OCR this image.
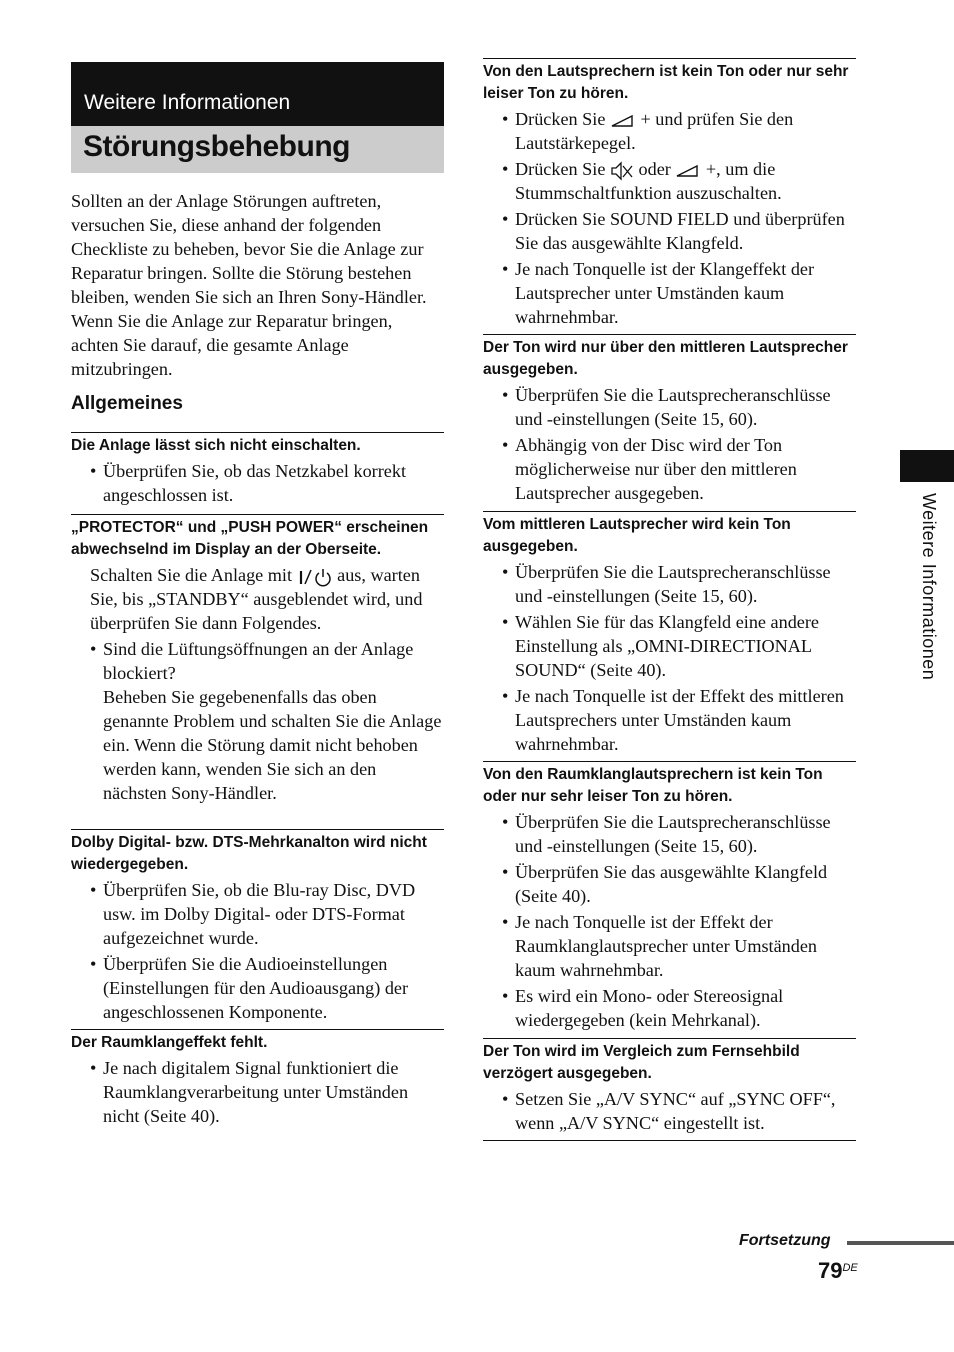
Weitere Informationen
Störungsbehebung
Sollten an der Anlage Störungen auftreten, versuchen Sie, diese anhand der folgenden Checkliste zu beheben, bevor Sie die Anlage zur Reparatur bringen. Sollte die Störung bestehen bleiben, wenden Sie sich an Ihren Sony-Händler. Wenn Sie die Anlage zur Reparatur bringen, achten Sie darauf, die gesamte Anlage mitzubringen.
Allgemeines
Die Anlage lässt sich nicht einschalten.
• Überprüfen Sie, ob das Netzkabel korrekt angeschlossen ist.
„PROTECTOR“ und „PUSH POWER“ erscheinen abwechselnd im Display an der Oberseite.
Schalten Sie die Anlage mit aus, warten Sie, bis „STANDBY“ ausgeblendet wird, und überprüfen Sie dann Folgendes.
• Sind die Lüftungsöffnungen an der Anlage blockiert?
Beheben Sie gegebenenfalls das oben genannte Problem und schalten Sie die Anlage ein. Wenn die Störung damit nicht behoben werden kann, wenden Sie sich an den nächsten Sony-Händler.
Dolby Digital- bzw. DTS-Mehrkanalton wird nicht wiedergegeben.
• Überprüfen Sie, ob die Blu-ray Disc, DVD usw. im Dolby Digital- oder DTS-Format aufgezeichnet wurde.
• Überprüfen Sie die Audioeinstellungen (Einstellungen für den Audioausgang) der angeschlossenen Komponente.
Der Raumklangeffekt fehlt.
• Je nach digitalem Signal funktioniert die Raumklangverarbeitung unter Umständen nicht (Seite 40).
Von den Lautsprechern ist kein Ton oder nur sehr leiser Ton zu hören.
• Drücken Sie + und prüfen Sie den Lautstärkepegel.
• Drücken Sie oder +, um die Stummschaltfunktion auszuschalten.
• Drücken Sie SOUND FIELD und überprüfen Sie das ausgewählte Klangfeld.
• Je nach Tonquelle ist der Klangeffekt der Lautsprecher unter Umständen kaum wahrnehmbar.
Der Ton wird nur über den mittleren Lautsprecher ausgegeben.
• Überprüfen Sie die Lautsprecheranschlüsse und -einstellungen (Seite 15, 60).
• Abhängig von der Disc wird der Ton möglicherweise nur über den mittleren Lautsprecher ausgegeben.
Vom mittleren Lautsprecher wird kein Ton ausgegeben.
• Überprüfen Sie die Lautsprecheranschlüsse und -einstellungen (Seite 15, 60).
• Wählen Sie für das Klangfeld eine andere Einstellung als „OMNI-DIRECTIONAL SOUND“ (Seite 40).
• Je nach Tonquelle ist der Effekt des mittleren Lautsprechers unter Umständen kaum wahrnehmbar.
Von den Raumklanglautsprechern ist kein Ton oder nur sehr leiser Ton zu hören.
• Überprüfen Sie die Lautsprecheranschlüsse und -einstellungen (Seite 15, 60).
• Überprüfen Sie das ausgewählte Klangfeld (Seite 40).
• Je nach Tonquelle ist der Effekt der Raumklanglautsprecher unter Umständen kaum wahrnehmbar.
• Es wird ein Mono- oder Stereosignal wiedergegeben (kein Mehrkanal).
Der Ton wird im Vergleich zum Fernsehbild verzögert ausgegeben.
• Setzen Sie „A/V SYNC“ auf „SYNC OFF“, wenn „A/V SYNC“ eingestellt ist.
Weitere Informationen
Fortsetzung
79DE
